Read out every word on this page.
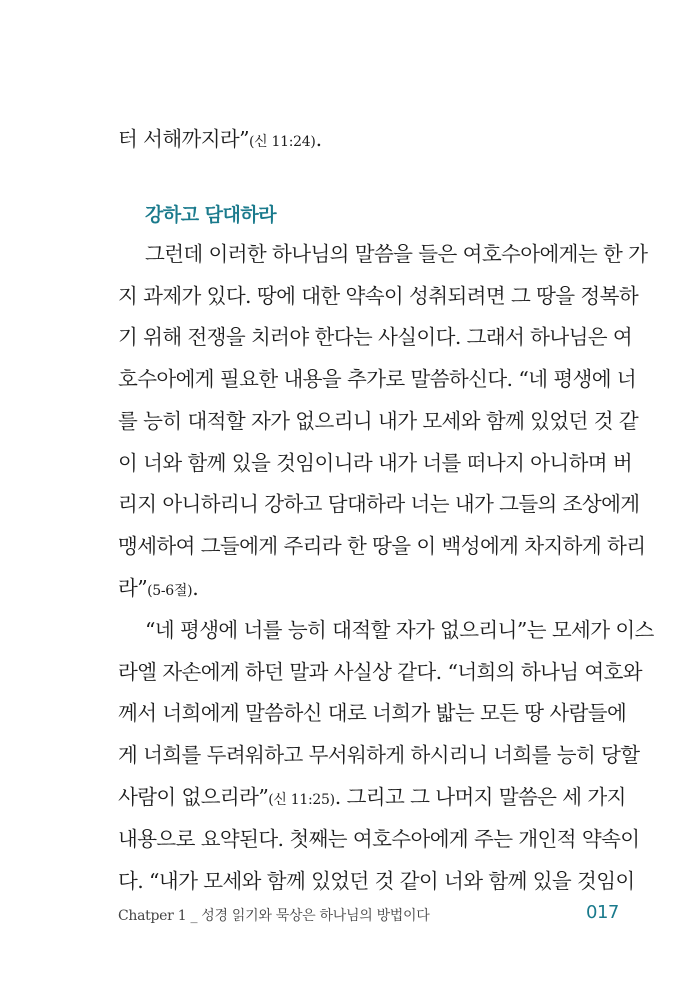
터 서해까지라”(신 11:24).
그런데 이러한 하나님의 말씀을 들은 여호수아에게는 한 가
지 과제가 있다. 땅에 대한 약속이 성취되려면 그 땅을 정복하
기 위해 전쟁을 치러야 한다는 사실이다. 그래서 하나님은 여
호수아에게 필요한 내용을 추가로 말씀하신다. “네 평생에 너
를 능히 대적할 자가 없으리니 내가 모세와 함께 있었던 것 같
이 너와 함께 있을 것임이니라 내가 너를 떠나지 아니하며 버
리지 아니하리니 강하고 담대하라 너는 내가 그들의 조상에게
맹세하여 그들에게 주리라 한 땅을 이 백성에게 차지하게 하리
라”(5-6절).
“네 평생에 너를 능히 대적할 자가 없으리니”는 모세가 이스
라엘 자손에게 하던 말과 사실상 같다. “너희의 하나님 여호와
께서 너희에게 말씀하신 대로 너희가 밟는 모든 땅 사람들에
게 너희를 두려워하고 무서워하게 하시리니 너희를 능히 당할
사람이 없으리라”(신 11:25). 그리고 그 나머지 말씀은 세 가지
내용으로 요약된다. 첫째는 여호수아에게 주는 개인적 약속이
다. “내가 모세와 함께 있었던 것 같이 너와 함께 있을 것임이
강하고 담대하라
Chatper 1 _ 성경 읽기와 묵상은 하나님의 방법이다	017
